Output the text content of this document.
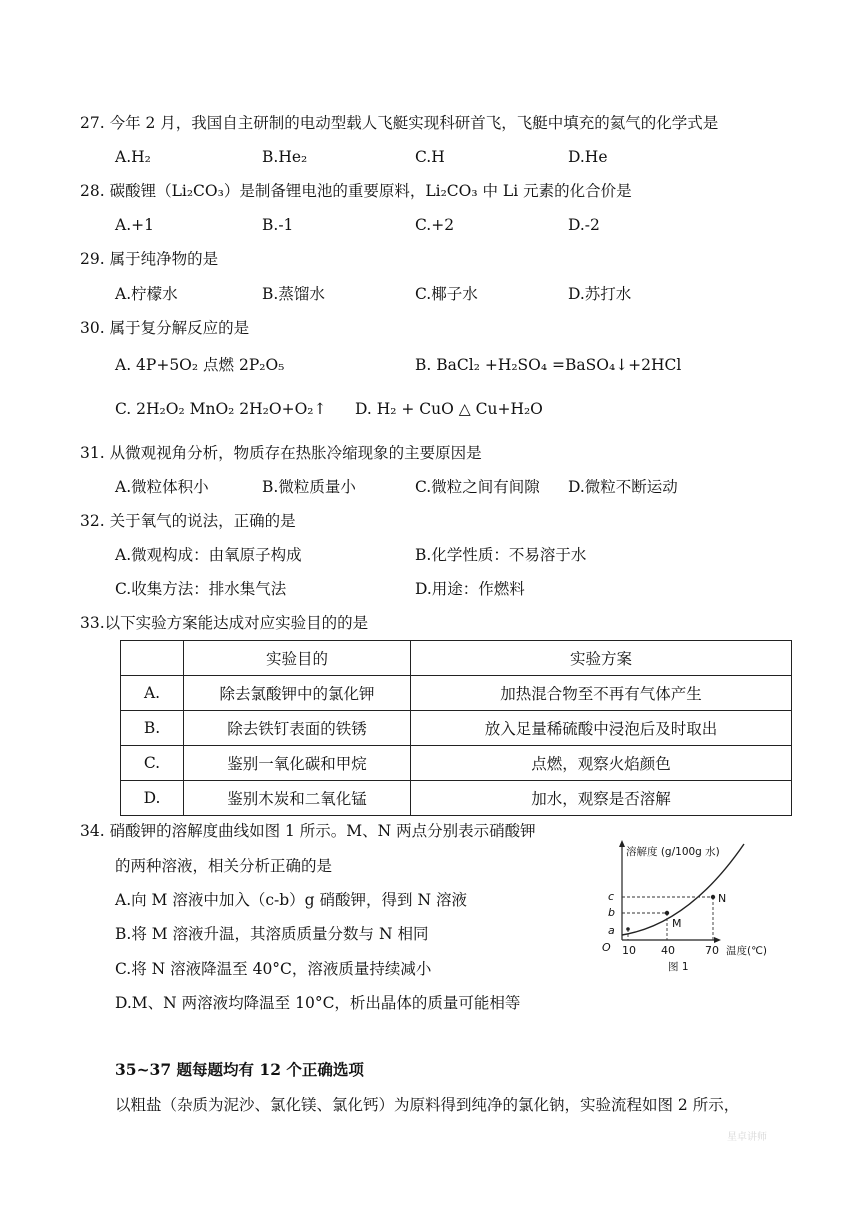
27. 今年 2 月，我国自主研制的电动型载人飞艇实现科研首飞，飞艇中填充的氦气的化学式是
A.H₂	B.He₂	C.H	D.He
28. 碳酸锂（Li₂CO₃）是制备锂电池的重要原料，Li₂CO₃ 中 Li 元素的化合价是
A.+1	B.-1	C.+2	D.-2
29. 属于纯净物的是
A.柠檬水	B.蒸馏水	C.椰子水	D.苏打水
30. 属于复分解反应的是
A. 4P+5O₂ 点燃 2P₂O₅	B. BaCl₂ +H₂SO₄ =BaSO₄↓+2HCl
C. 2H₂O₂ MnO₂ 2H₂O+O₂↑ D. H₂ + CuO △ Cu+H₂O
31. 从微观视角分析，物质存在热胀冷缩现象的主要原因是
A.微粒体积小	B.微粒质量小	C.微粒之间有间隙 D.微粒不断运动
32. 关于氧气的说法，正确的是
A.微观构成：由氧原子构成	B.化学性质：不易溶于水
C.收集方法：排水集气法	D.用途：作燃料
33.以下实验方案能达成对应实验目的的是
	实验目的	实验方案
A.	除去氯酸钾中的氯化钾	加热混合物至不再有气体产生
B.	除去铁钉表面的铁锈	放入足量稀硫酸中浸泡后及时取出
C.	鉴别一氧化碳和甲烷	点燃，观察火焰颜色
D.	鉴别木炭和二氧化锰	加水，观察是否溶解
34. 硝酸钾的溶解度曲线如图 1 所示。M、N 两点分别表示硝酸钾
的两种溶液，相关分析正确的是
A.向 M 溶液中加入（c-b）g 硝酸钾，得到 N 溶液
B.将 M 溶液升温，其溶质质量分数与 N 相同
C.将 N 溶液降温至 40°C，溶液质量持续减小
D.M、N 两溶液均降温至 10°C，析出晶体的质量可能相等
溶解度 (g/100g 水)
c
b
a
O 10 40	70 温度(℃)
M
N
图 1
35~37 题每题均有 12 个正确选项
以粗盐（杂质为泥沙、氯化镁、氯化钙）为原料得到纯净的氯化钠，实验流程如图 2 所示，
星卓讲师
